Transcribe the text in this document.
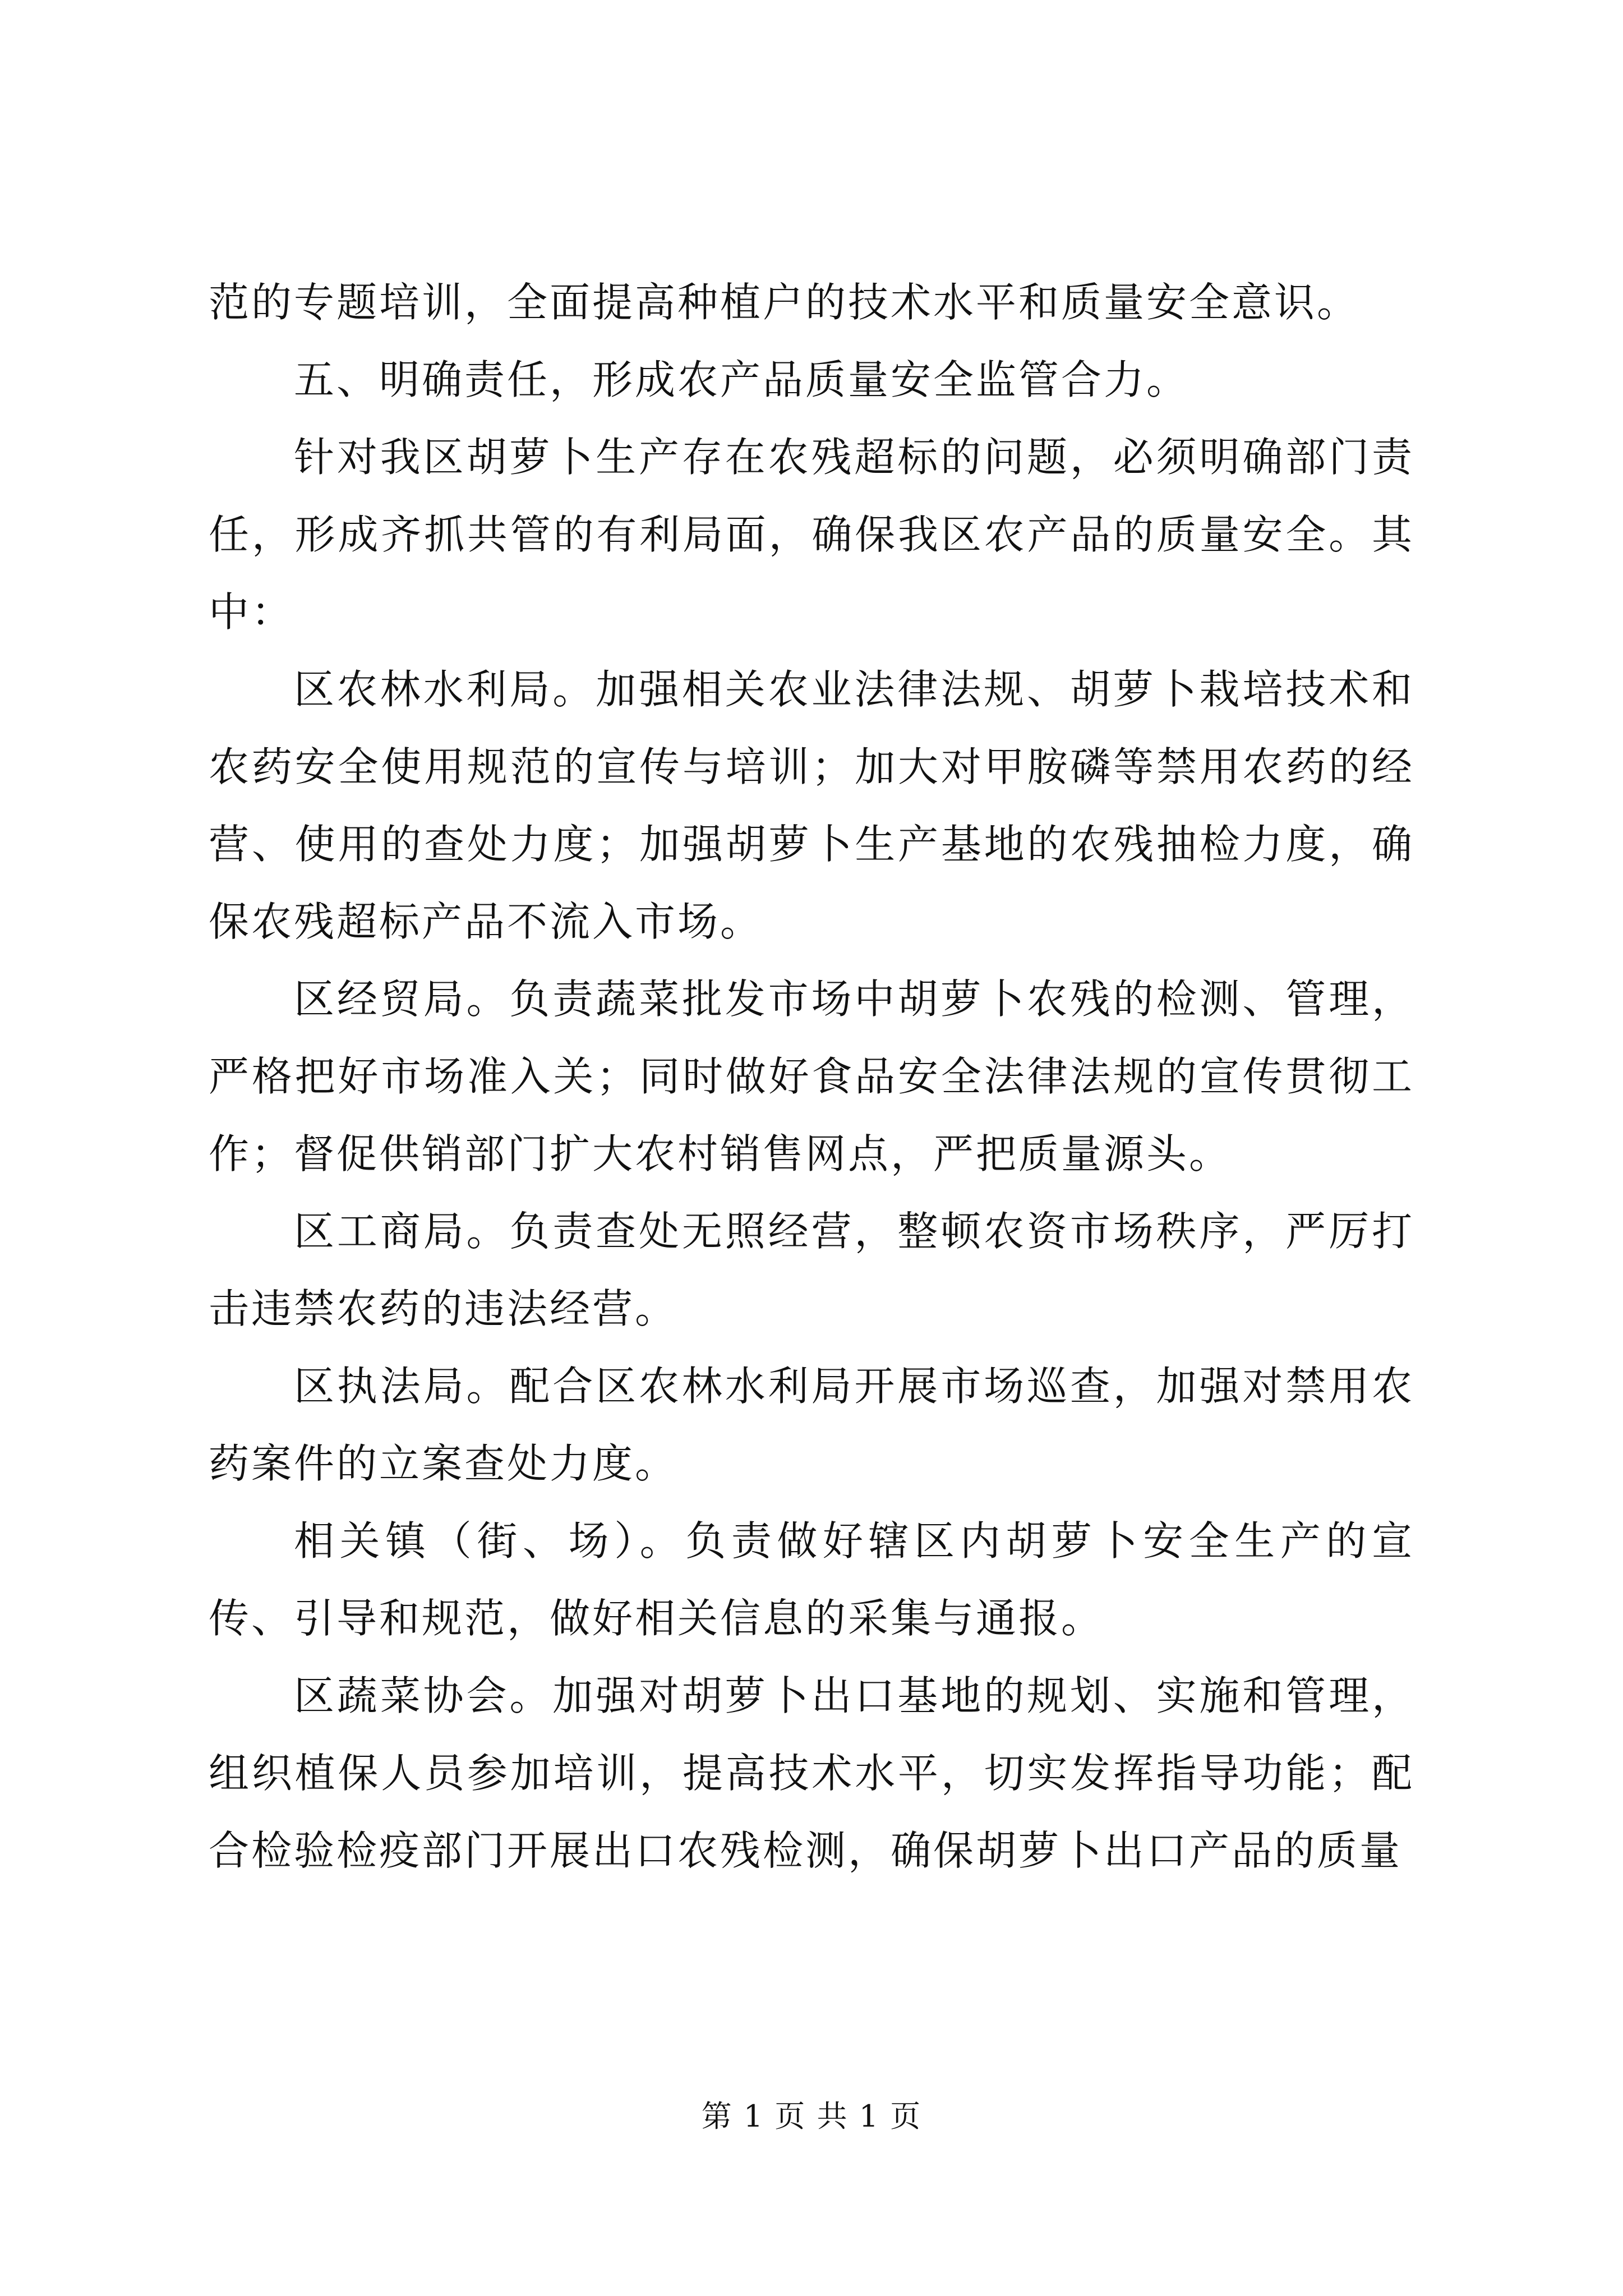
范的专题培训，全面提高种植户的技术水平和质量安全意识。

五、明确责任，形成农产品质量安全监管合力。

针对我区胡萝卜生产存在农残超标的问题，必须明确部门责任，形成齐抓共管的有利局面，确保我区农产品的质量安全。其中：

区农林水利局。加强相关农业法律法规、胡萝卜栽培技术和农药安全使用规范的宣传与培训；加大对甲胺磷等禁用农药的经营、使用的查处力度；加强胡萝卜生产基地的农残抽检力度，确保农残超标产品不流入市场。

区经贸局。负责蔬菜批发市场中胡萝卜农残的检测、管理，严格把好市场准入关；同时做好食品安全法律法规的宣传贯彻工作；督促供销部门扩大农村销售网点，严把质量源头。

区工商局。负责查处无照经营，整顿农资市场秩序，严厉打击违禁农药的违法经营。

区执法局。配合区农林水利局开展市场巡查，加强对禁用农药案件的立案查处力度。

相关镇（街、场）。负责做好辖区内胡萝卜安全生产的宣传、引导和规范，做好相关信息的采集与通报。

区蔬菜协会。加强对胡萝卜出口基地的规划、实施和管理，组织植保人员参加培训，提高技术水平，切实发挥指导功能；配合检验检疫部门开展出口农残检测，确保胡萝卜出口产品的质量

第 1 页 共 1 页
